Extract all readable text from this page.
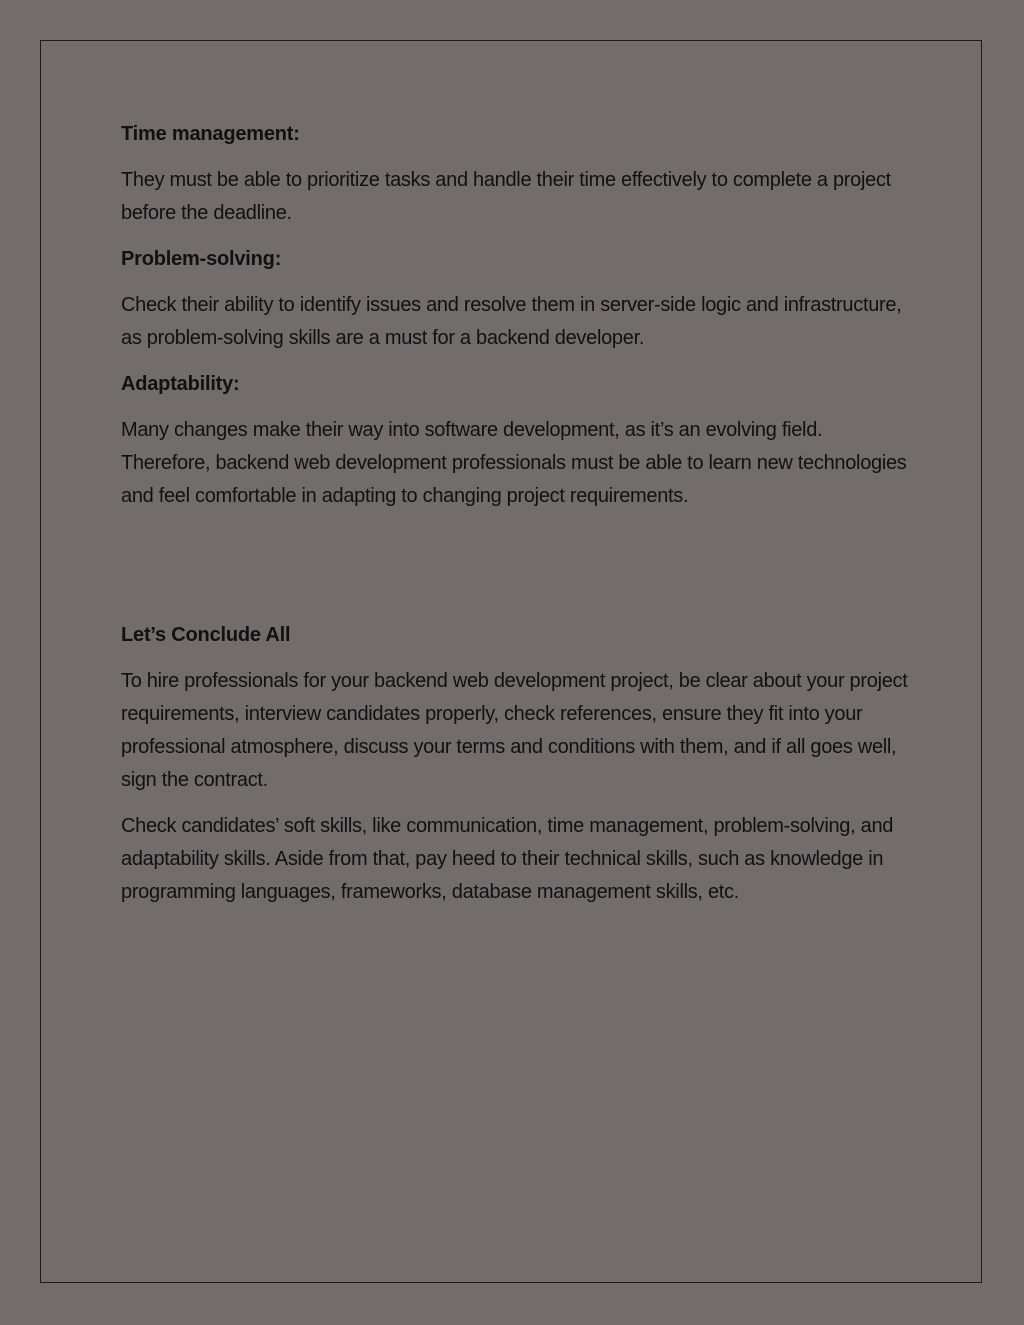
Time management:
They must be able to prioritize tasks and handle their time effectively to complete a project before the deadline.
Problem-solving:
Check their ability to identify issues and resolve them in server-side logic and infrastructure, as problem-solving skills are a must for a backend developer.
Adaptability:
Many changes make their way into software development, as it’s an evolving field. Therefore, backend web development professionals must be able to learn new technologies and feel comfortable in adapting to changing project requirements.
Let’s Conclude All
To hire professionals for your backend web development project, be clear about your project requirements, interview candidates properly, check references, ensure they fit into your professional atmosphere, discuss your terms and conditions with them, and if all goes well, sign the contract.
Check candidates’ soft skills, like communication, time management, problem-solving, and adaptability skills. Aside from that, pay heed to their technical skills, such as knowledge in programming languages, frameworks, database management skills, etc.
